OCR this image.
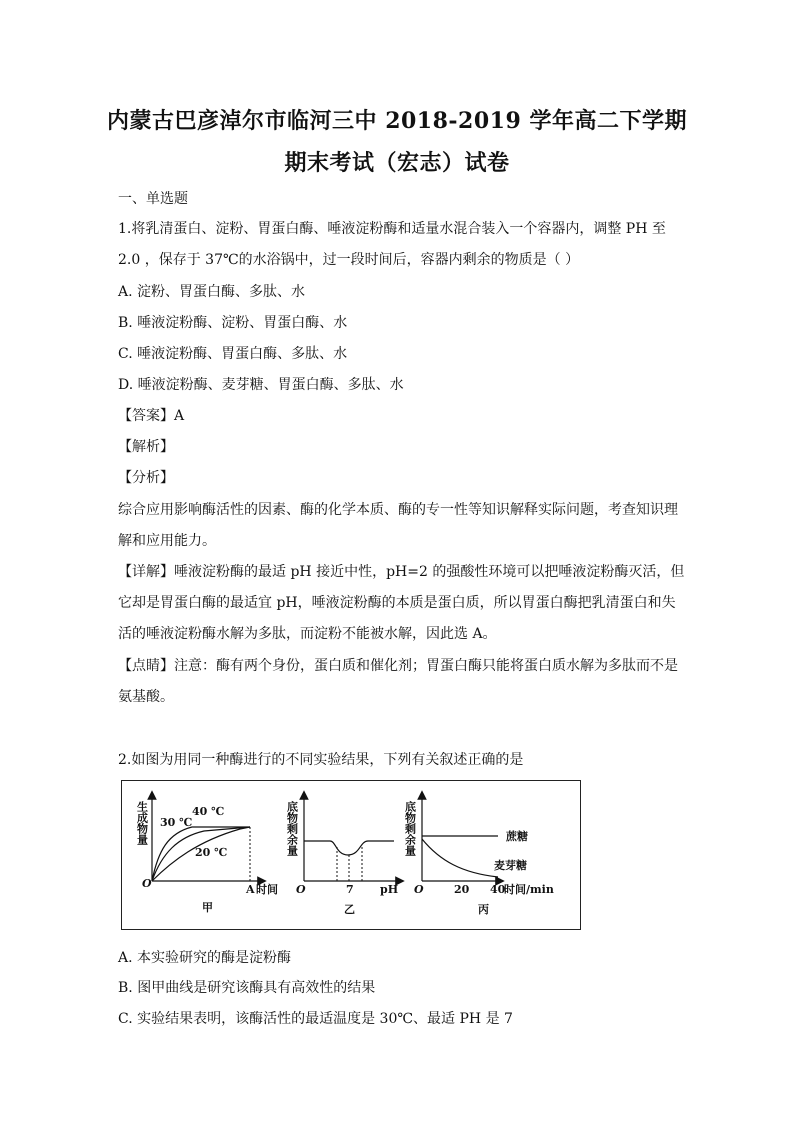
内蒙古巴彦淖尔市临河三中 2018-2019 学年高二下学期
期末考试（宏志）试卷
一、单选题
1.将乳清蛋白、淀粉、胃蛋白酶、唾液淀粉酶和适量水混合装入一个容器内，调整 PH 至
2.0 ，保存于 37℃的水浴锅中，过一段时间后，容器内剩余的物质是（ ）
A. 淀粉、胃蛋白酶、多肽、水
B. 唾液淀粉酶、淀粉、胃蛋白酶、水
C. 唾液淀粉酶、胃蛋白酶、多肽、水
D. 唾液淀粉酶、麦芽糖、胃蛋白酶、多肽、水
【答案】A
【解析】
【分析】
综合应用影响酶活性的因素、酶的化学本质、酶的专一性等知识解释实际问题，考查知识理
解和应用能力。
【详解】唾液淀粉酶的最适 pH 接近中性，pH=2 的强酸性环境可以把唾液淀粉酶灭活，但
它却是胃蛋白酶的最适宜 pH，唾液淀粉酶的本质是蛋白质，所以胃蛋白酶把乳清蛋白和失
活的唾液淀粉酶水解为多肽，而淀粉不能被水解，因此选 A。
【点睛】注意：酶有两个身份，蛋白质和催化剂；胃蛋白酶只能将蛋白质水解为多肽而不是
氨基酸。
2.如图为用同一种酶进行的不同实验结果，下列有关叙述正确的是
生成物量
O
30 ℃
40 ℃
20 ℃
A 时间
甲
底物剩余量
O	7 pH
乙
底物剩余量
O
蔗糖
麦芽糖
20 40
时间/min
丙
A. 本实验研究的酶是淀粉酶
B. 图甲曲线是研究该酶具有高效性的结果
C. 实验结果表明，该酶活性的最适温度是 30℃、最适 PH 是 7
